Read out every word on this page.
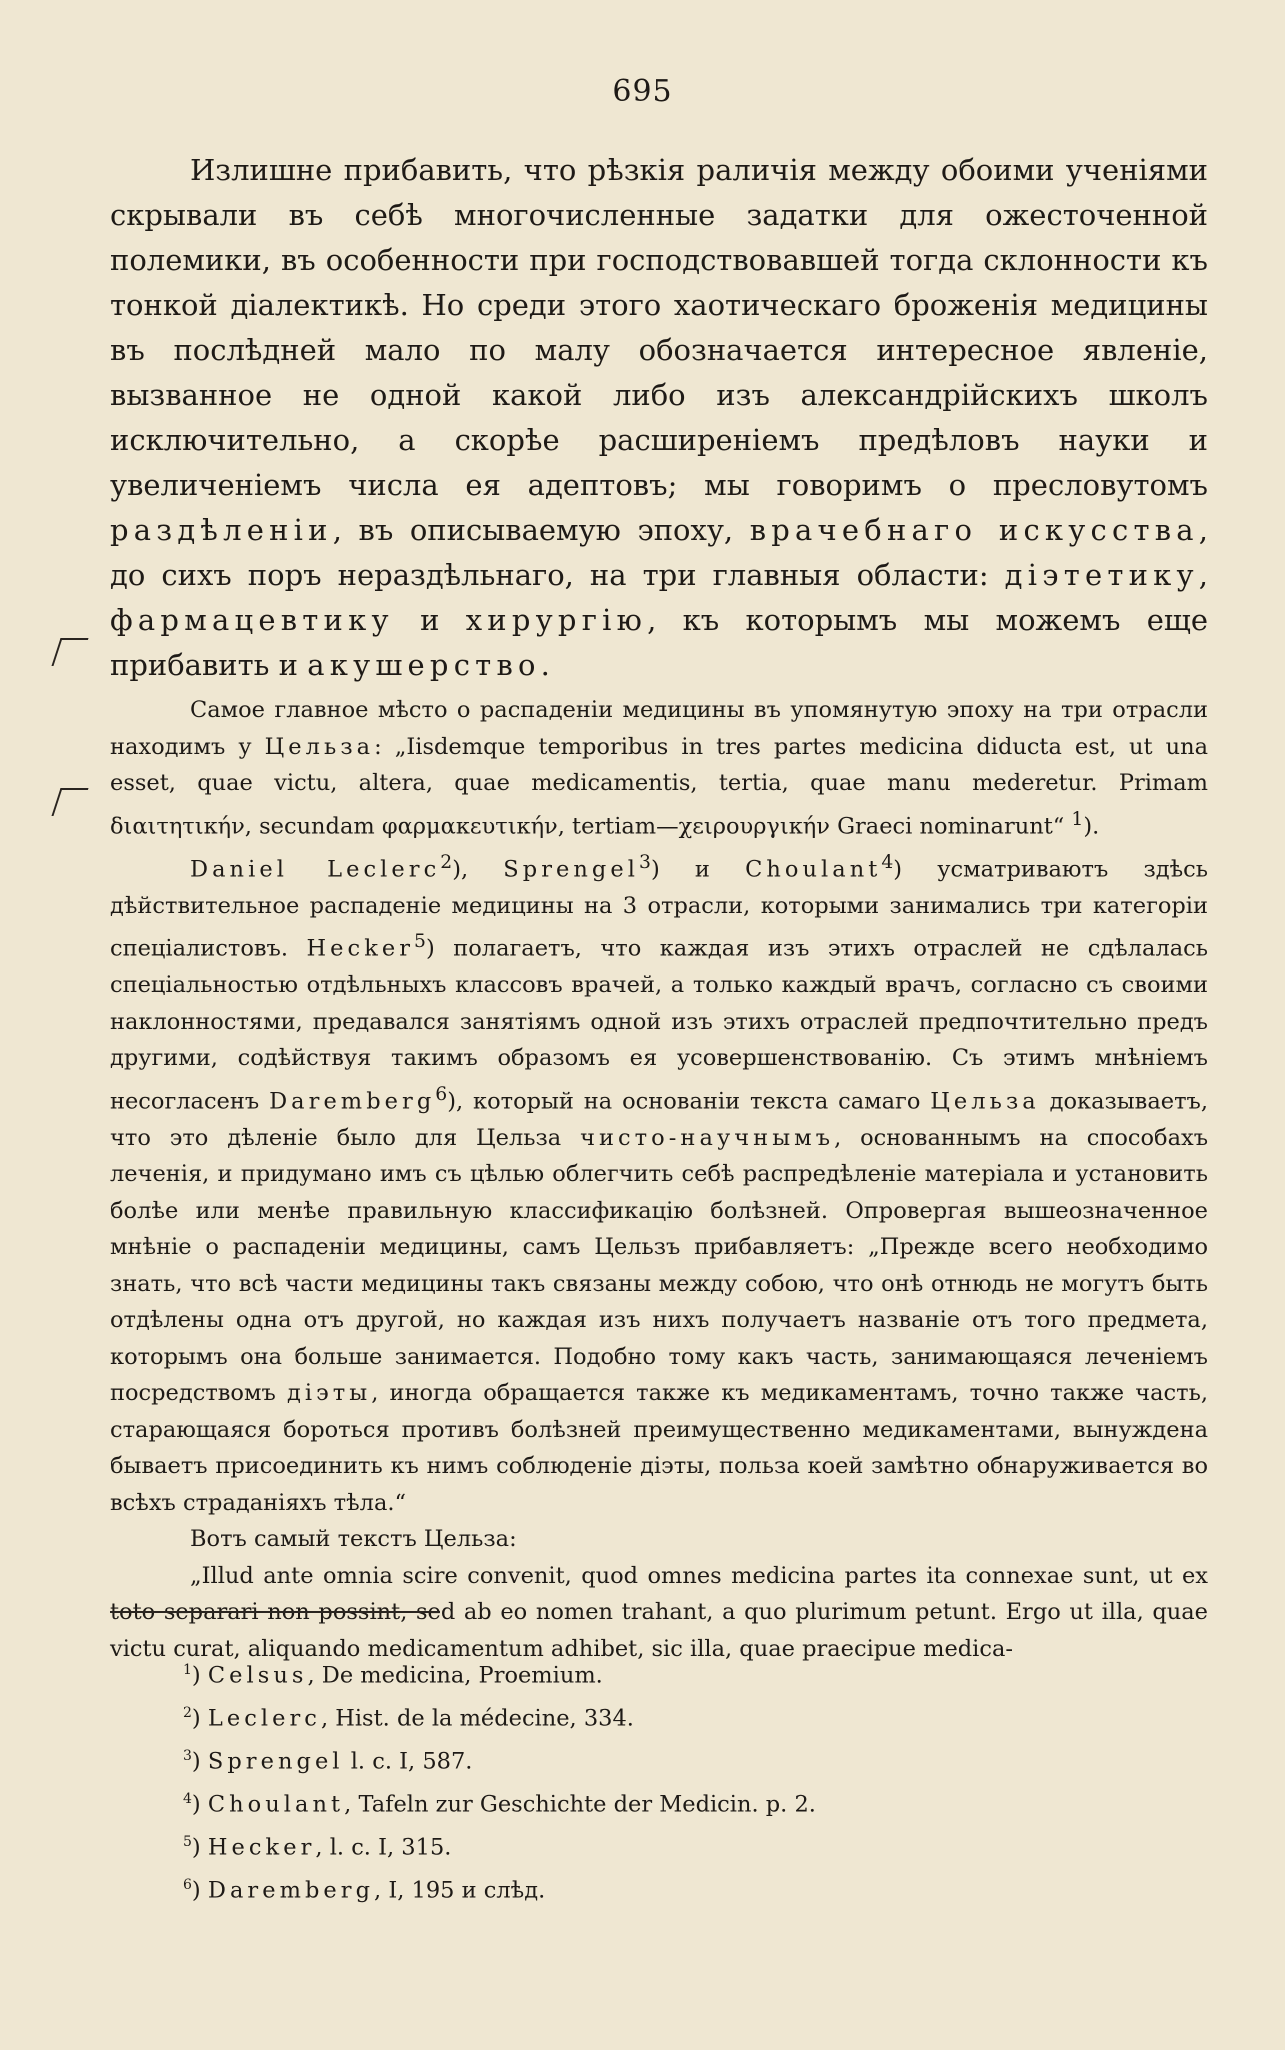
695

Излишне прибавить, что рѣзкія раличія между обоими ученіями скрывали въ себѣ многочисленные задатки для ожесточенной полемики, въ особенности при господствовавшей тогда склонности къ тонкой діалектикѣ. Но среди этого хаотическаго броженія медицины въ послѣдней мало по малу обозначается интересное явленіе, вызванное не одной какой либо изъ александрійскихъ школъ исключительно, а скорѣе расширеніемъ предѣловъ науки и увеличеніемъ числа ея адептовъ; мы говоримъ о пресловутомъ раздѣленіи, въ описываемую эпоху, врачебнаго искусства, до сихъ поръ нераздѣльнаго, на три главныя области: діэтетику, фармацевтику и хирургію, къ которымъ мы можемъ еще прибавить и акушерство.

Самое главное мѣсто о распаденіи медицины въ упомянутую эпоху на три отрасли находимъ у Цельза: „Iisdemque temporibus in tres partes medicina diducta est, ut una esset, quae victu, altera, quae medicamentis, tertia, quae manu mederetur. Primam διαιτητικήν, secundam φαρμακευτικήν, tertiam—χειρουργικήν Graeci nominarunt“ $^1$).

Daniel Leclerc$^2$), Sprengel$^3$) и Choulant$^4$) усматриваютъ здѣсь дѣйствительное распаденіе медицины на 3 отрасли, которыми занимались три категоріи спеціалистовъ. Hecker$^5$) полагаетъ, что каждая изъ этихъ отраслей не сдѣлалась спеціальностью отдѣльныхъ классовъ врачей, а только каждый врачъ, согласно съ своими наклонностями, предавался занятіямъ одной изъ этихъ отраслей предпочтительно предъ другими, содѣйствуя такимъ образомъ ея усовершенствованію. Съ этимъ мнѣніемъ несогласенъ Daremberg$^6$), который на основаніи текста самаго Цельза доказываетъ, что это дѣленіе было для Цельза чисто-научнымъ, основаннымъ на способахъ леченія, и придумано имъ съ цѣлью облегчить себѣ распредѣленіе матеріала и установить болѣе или менѣе правильную классификацію болѣзней. Опровергая вышеозначенное мнѣніе о распаденіи медицины, самъ Цельзъ прибавляетъ: „Прежде всего необходимо знать, что всѣ части медицины такъ связаны между собою, что онѣ отнюдь не могутъ быть отдѣлены одна отъ другой, но каждая изъ нихъ получаетъ названіе отъ того предмета, которымъ она больше занимается. Подобно тому какъ часть, занимающаяся леченіемъ посредствомъ діэты, иногда обращается также къ медикаментамъ, точно также часть, старающаяся бороться противъ болѣзней преимущественно медикаментами, вынуждена бываетъ присоединить къ нимъ соблюденіе діэты, польза коей замѣтно обнаруживается во всѣхъ страданіяхъ тѣла.“

Вотъ самый текстъ Цельза:

„Illud ante omnia scire convenit, quod omnes medicina partes ita connexae sunt, ut ex toto separari non possint, sed ab eo nomen trahant, a quo plurimum petunt. Ergo ut illa, quae victu curat, aliquando medicamentum adhibet, sic illa, quae praecipue medica-

$^1$) Celsus, De medicina, Proemium.
$^2$) Leclerc, Hist. de la médecine, 334.
$^3$) Sprengel l. c. I, 587.
$^4$) Choulant, Tafeln zur Geschichte der Medicin. p. 2.
$^5$) Hecker, l. c. I, 315.
$^6$) Daremberg, I, 195 и слѣд.
